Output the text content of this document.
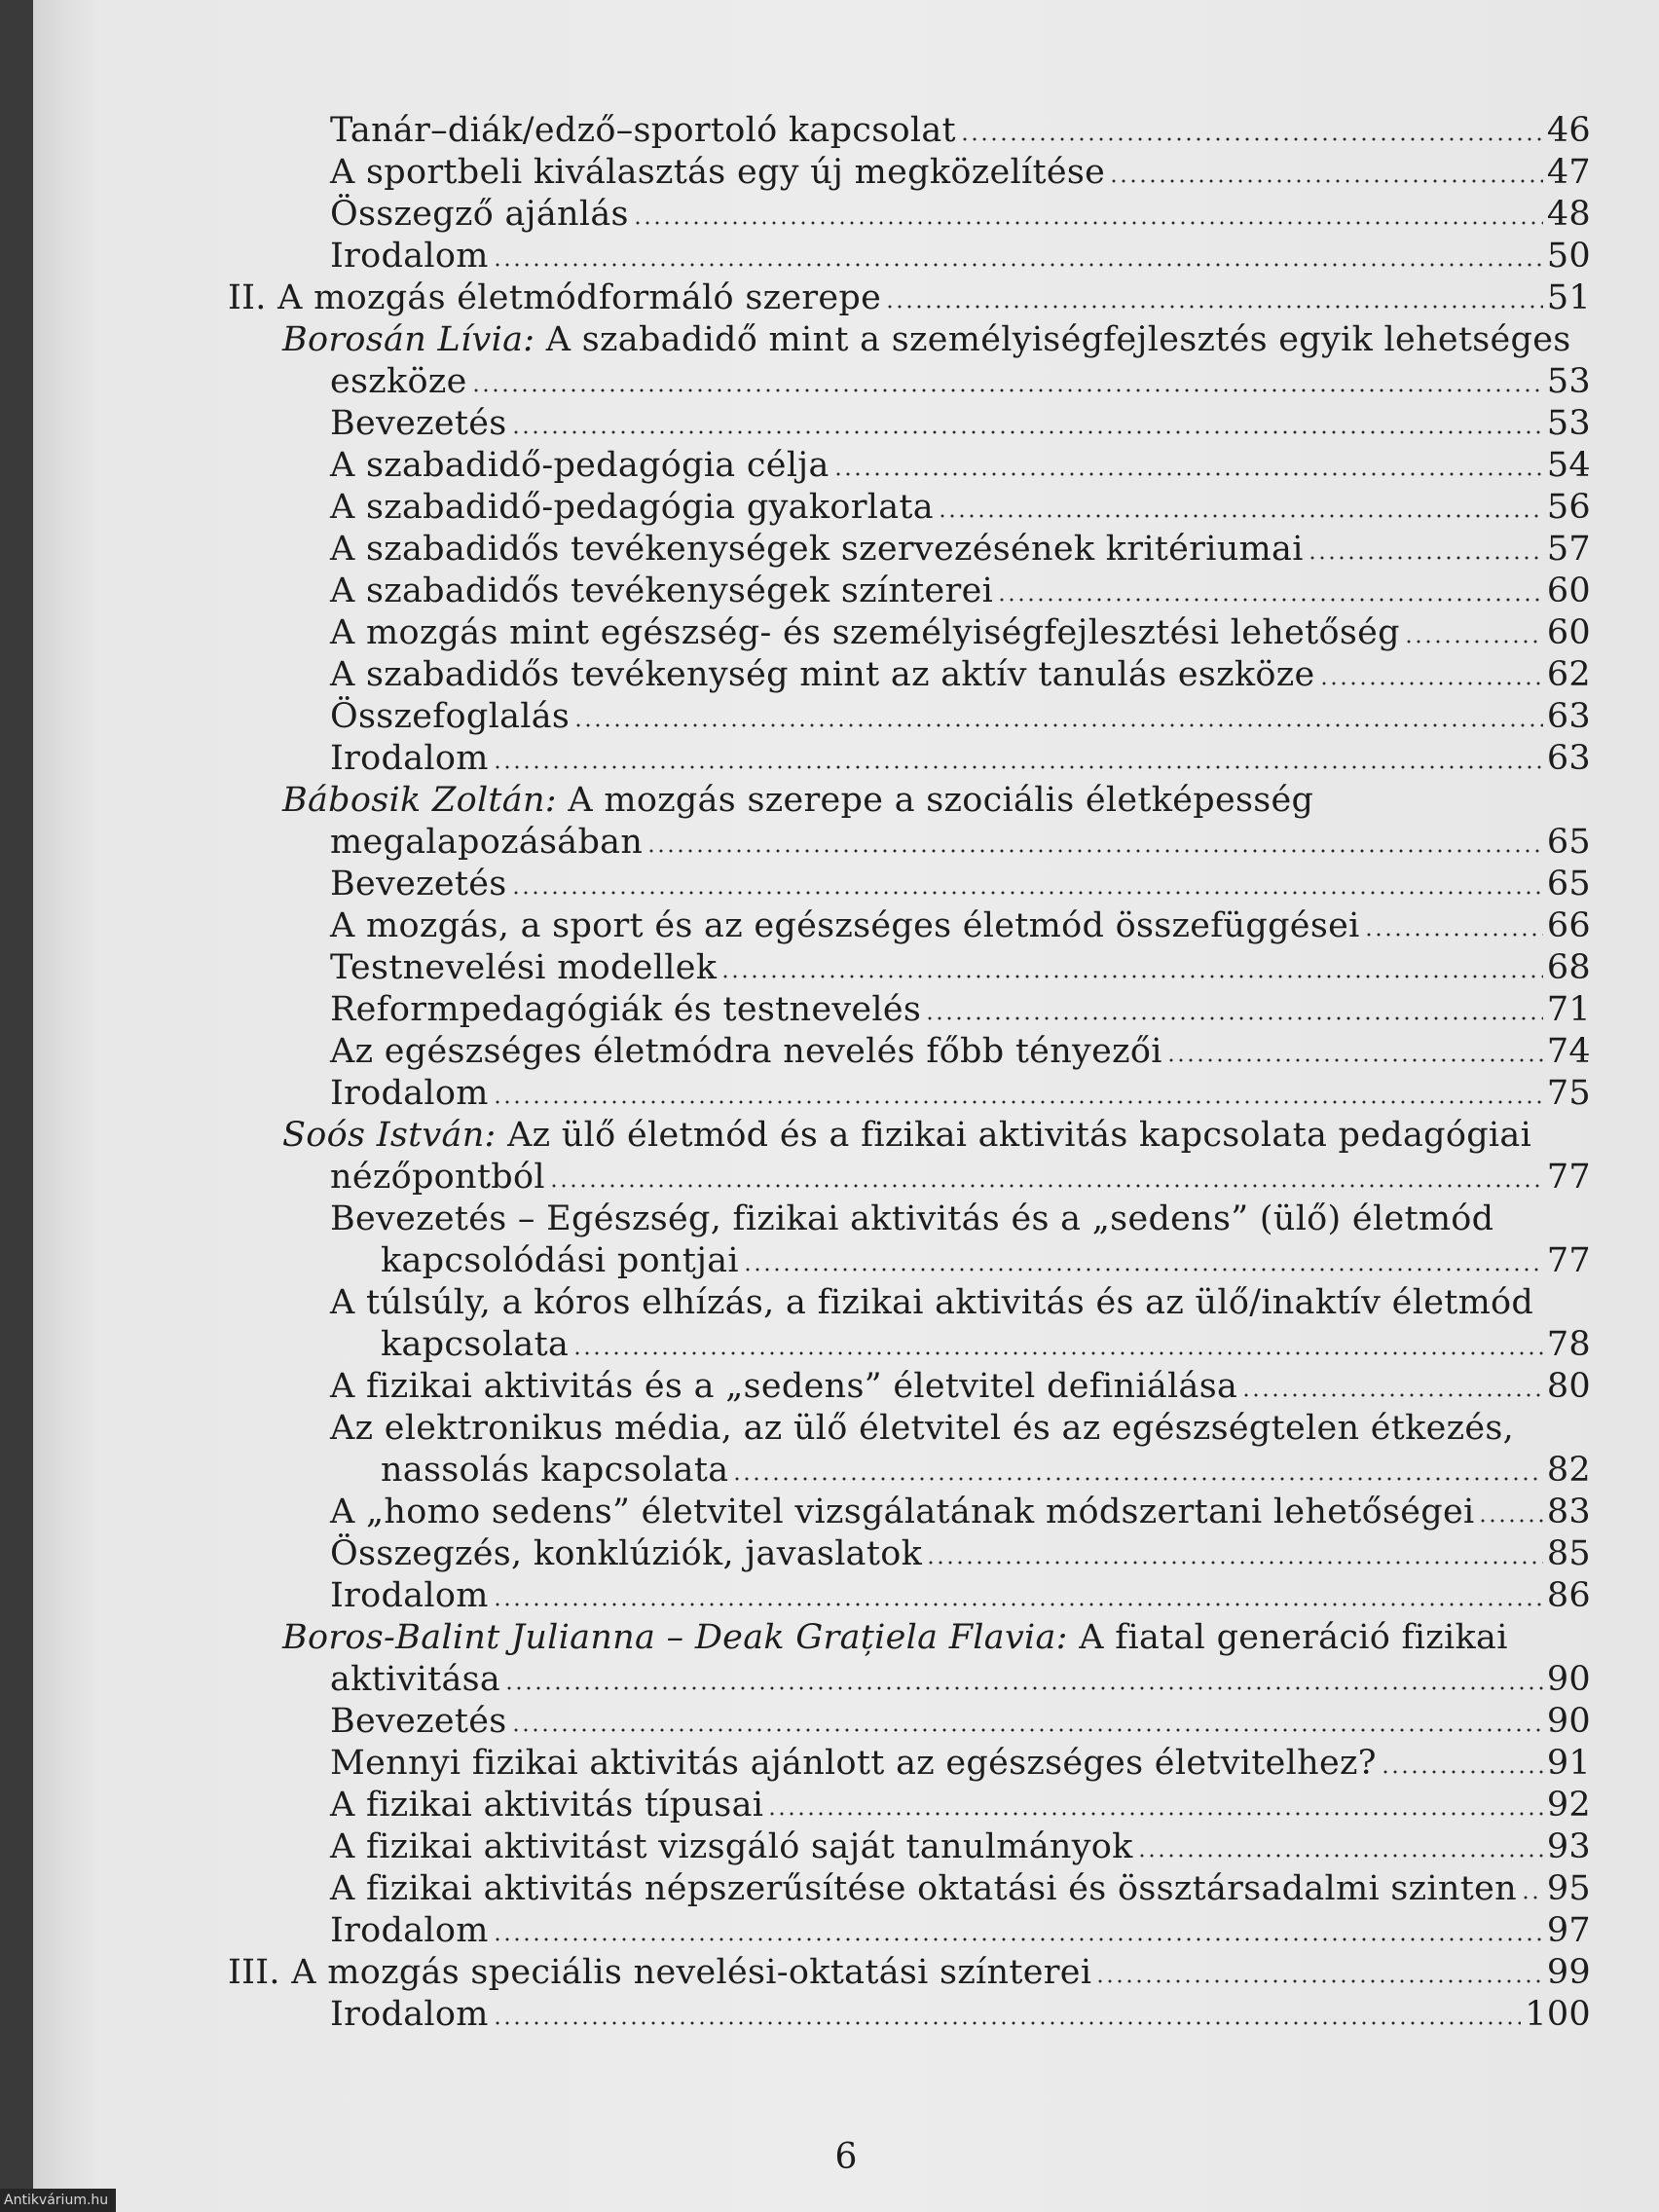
Tanár–diák/edző–sportoló kapcsolat	46
A sportbeli kiválasztás egy új megközelítése	47
Összegző ajánlás	48
Irodalom	50
II. A mozgás életmódformáló szerepe	51
Borosán Lívia: A szabadidő mint a személyiségfejlesztés egyik lehetséges
eszköze	53
Bevezetés	53
A szabadidő-pedagógia célja	54
A szabadidő-pedagógia gyakorlata	56
A szabadidős tevékenységek szervezésének kritériumai	57
A szabadidős tevékenységek színterei	60
A mozgás mint egészség- és személyiségfejlesztési lehetőség	60
A szabadidős tevékenység mint az aktív tanulás eszköze	62
Összefoglalás	63
Irodalom	63
Bábosik Zoltán: A mozgás szerepe a szociális életképesség
megalapozásában	65
Bevezetés	65
A mozgás, a sport és az egészséges életmód összefüggései	66
Testnevelési modellek	68
Reformpedagógiák és testnevelés	71
Az egészséges életmódra nevelés főbb tényezői	74
Irodalom	75
Soós István: Az ülő életmód és a fizikai aktivitás kapcsolata pedagógiai
nézőpontból	77
Bevezetés – Egészség, fizikai aktivitás és a „sedens” (ülő) életmód
kapcsolódási pontjai	77
A túlsúly, a kóros elhízás, a fizikai aktivitás és az ülő/inaktív életmód
kapcsolata	78
A fizikai aktivitás és a „sedens” életvitel definiálása	80
Az elektronikus média, az ülő életvitel és az egészségtelen étkezés,
nassolás kapcsolata	82
A „homo sedens” életvitel vizsgálatának módszertani lehetőségei 83
Összegzés, konklúziók, javaslatok	85
Irodalom	86
Boros-Balint Julianna – Deak Grațiela Flavia: A fiatal generáció fizikai
aktivitása	90
Bevezetés	90
Mennyi fizikai aktivitás ajánlott az egészséges életvitelhez?	91
A fizikai aktivitás típusai	92
A fizikai aktivitást vizsgáló saját tanulmányok	93
A fizikai aktivitás népszerűsítése oktatási és össztársadalmi szinten 95
Irodalom	97
III. A mozgás speciális nevelési-oktatási színterei	99
Irodalom	100
6
Antikvárium.hu
